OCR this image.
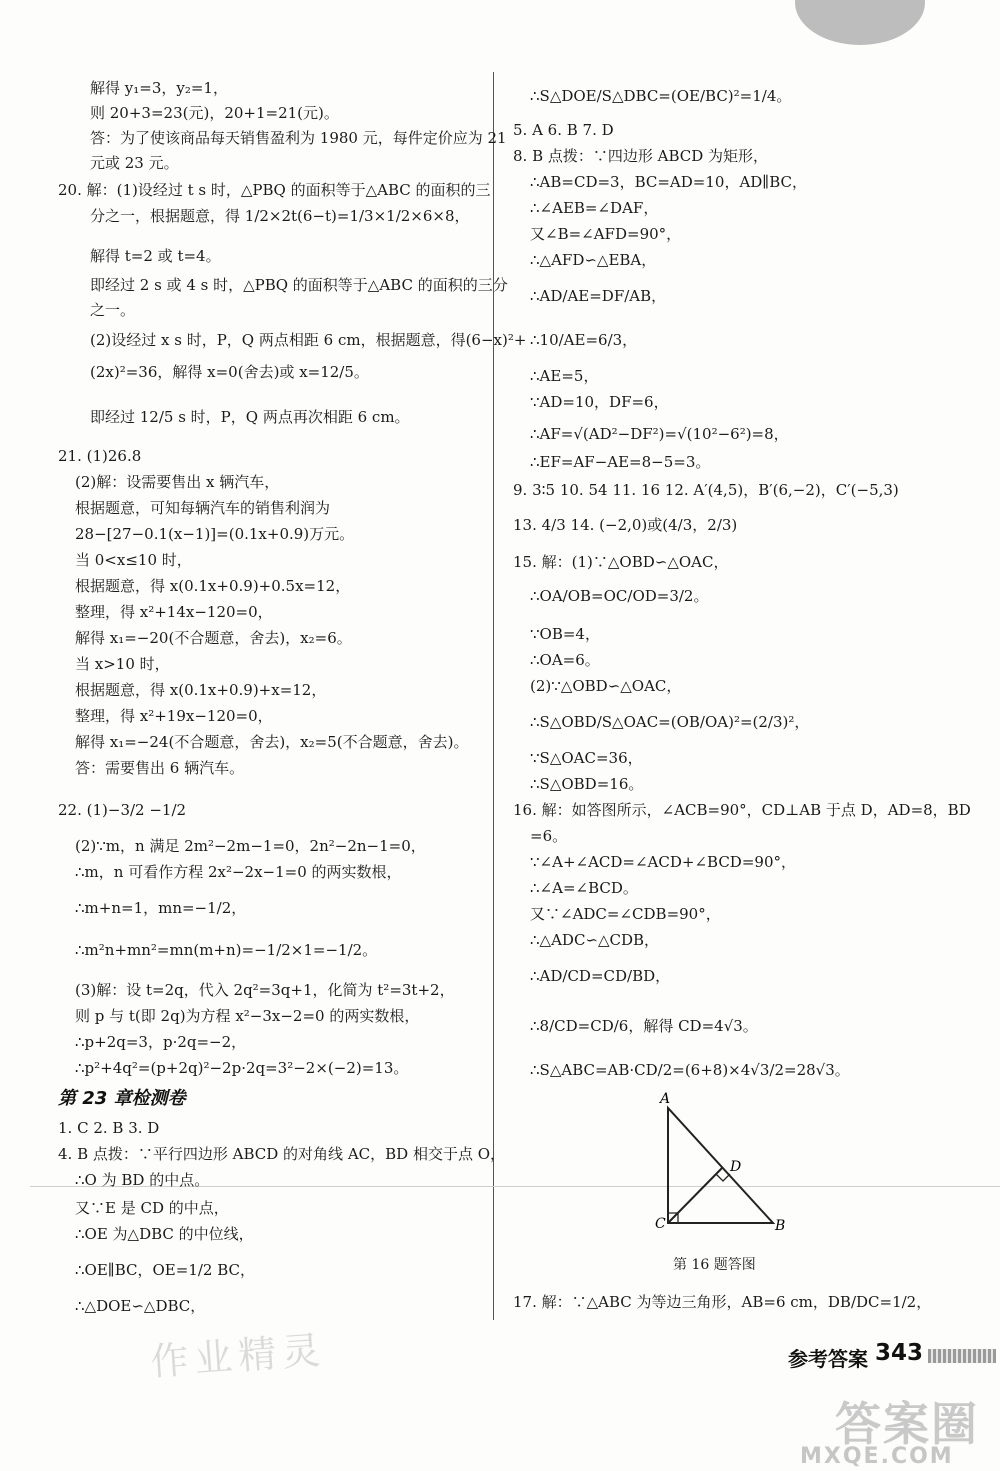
解得 y₁=3，y₂=1，
则 20+3=23(元)，20+1=21(元)。
答：为了使该商品每天销售盈利为 1980 元，每件定价应为 21
元或 23 元。
20. 解：(1)设经过 t s 时，△PBQ 的面积等于△ABC 的面积的三
分之一，根据题意，得 1/2×2t(6−t)=1/3×1/2×6×8，
解得 t=2 或 t=4。
即经过 2 s 或 4 s 时，△PBQ 的面积等于△ABC 的面积的三分
之一。
(2)设经过 x s 时，P，Q 两点相距 6 cm，根据题意，得(6−x)²+
(2x)²=36，解得 x=0(舍去)或 x=12/5。
即经过 12/5 s 时，P，Q 两点再次相距 6 cm。
21. (1)26.8
(2)解：设需要售出 x 辆汽车，
根据题意，可知每辆汽车的销售利润为
28−[27−0.1(x−1)]=(0.1x+0.9)万元。
当 0<x≤10 时，
根据题意，得 x(0.1x+0.9)+0.5x=12，
整理，得 x²+14x−120=0，
解得 x₁=−20(不合题意，舍去)，x₂=6。
当 x>10 时，
根据题意，得 x(0.1x+0.9)+x=12，
整理，得 x²+19x−120=0，
解得 x₁=−24(不合题意，舍去)，x₂=5(不合题意，舍去)。
答：需要售出 6 辆汽车。
22. (1)−3/2 −1/2
(2)∵m，n 满足 2m²−2m−1=0，2n²−2n−1=0，
∴m，n 可看作方程 2x²−2x−1=0 的两实数根，
∴m+n=1，mn=−1/2，
∴m²n+mn²=mn(m+n)=−1/2×1=−1/2。
(3)解：设 t=2q，代入 2q²=3q+1，化简为 t²=3t+2，
则 p 与 t(即 2q)为方程 x²−3x−2=0 的两实数根，
∴p+2q=3，p·2q=−2，
∴p²+4q²=(p+2q)²−2p·2q=3²−2×(−2)=13。
1. C 2. B 3. D
4. B 点拨：∵平行四边形 ABCD 的对角线 AC，BD 相交于点 O，
∴O 为 BD 的中点。
又∵E 是 CD 的中点，
∴OE 为△DBC 的中位线，
∴OE∥BC，OE=1/2 BC，
∴△DOE∽△DBC，
∴S△DOE/S△DBC=(OE/BC)²=1/4。
5. A 6. B 7. D
8. B 点拨：∵四边形 ABCD 为矩形，
∴AB=CD=3，BC=AD=10，AD∥BC，
∴∠AEB=∠DAF，
又∠B=∠AFD=90°，
∴△AFD∽△EBA，
∴AD/AE=DF/AB，
∴10/AE=6/3，
∴AE=5，
∵AD=10，DF=6，
∴AF=√(AD²−DF²)=√(10²−6²)=8，
∴EF=AF−AE=8−5=3。
9. 3∶5 10. 54 11. 16 12. A′(4,5)，B′(6,−2)，C′(−5,3)
13. 4/3 14. (−2,0)或(4/3，2/3)
15. 解：(1)∵△OBD∽△OAC，
∴OA/OB=OC/OD=3/2。
∵OB=4，
∴OA=6。
(2)∵△OBD∽△OAC，
∴S△OBD/S△OAC=(OB/OA)²=(2/3)²，
∵S△OAC=36，
∴S△OBD=16。
16. 解：如答图所示，∠ACB=90°，CD⊥AB 于点 D，AD=8，BD
=6。
∵∠A+∠ACD=∠ACD+∠BCD=90°，
∴∠A=∠BCD。
又∵∠ADC=∠CDB=90°，
∴△ADC∽△CDB，
∴AD/CD=CD/BD，
∴8/CD=CD/6，解得 CD=4√3。
∴S△ABC=AB·CD/2=(6+8)×4√3/2=28√3。
17. 解：∵△ABC 为等边三角形，AB=6 cm，DB/DC=1/2，
第 23 章检测卷	A
D
C	B
第 16 题答图
参考答案 343
作业精灵
答案圈
MXQE.COM
